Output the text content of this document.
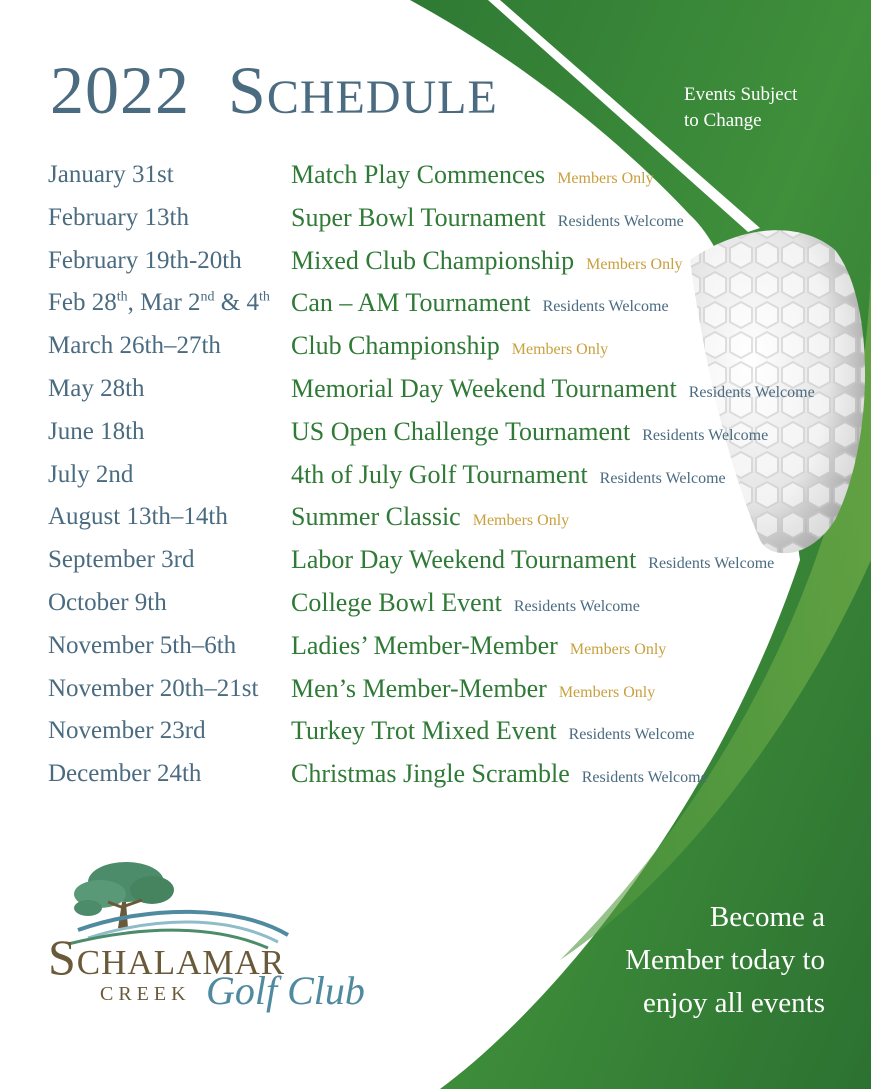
2022 Schedule	Events Subject
to Change
January 31st	Match Play Commences Members Only
February 13th	Super Bowl Tournament Residents Welcome
February 19th-20th Mixed Club Championship Members Only
Feb 28th, Mar 2nd & 4th Can – AM Tournament Residents Welcome
March 26th–27th	Club Championship Members Only
May 28th	Memorial Day Weekend Tournament Residents Welcome
June 18th	US Open Challenge Tournament Residents Welcome
July 2nd	4th of July Golf Tournament Residents Welcome
August 13th–14th Summer Classic Members Only
September 3rd	Labor Day Weekend Tournament Residents Welcome
October 9th	College Bowl Event Residents Welcome
November 5th–6th Ladies’ Member-Member Members Only
November 20th–21st Men’s Member-Member Members Only
November 23rd	Turkey Trot Mixed Event Residents Welcome
December 24th	Christmas Jingle Scramble Residents Welcome
Schalamar
CREEK Golf Club
Become a
Member today to
enjoy all events
